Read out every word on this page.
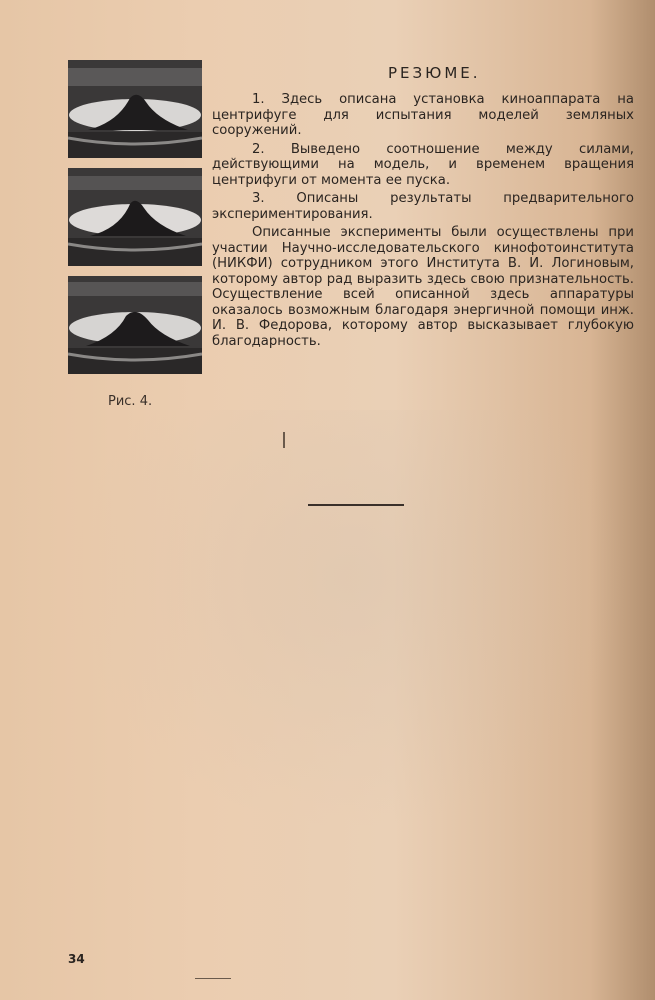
Рис. 4.
РЕЗЮМЕ.

1. Здесь описана установка киноаппарата на центрифуге для испытания моделей земляных сооружений.

2. Выведено соотношение между силами, действующими на модель, и временем вращения центрифуги от момента ее пуска.

3. Описаны результаты предварительного экспериментирования.

Описанные эксперименты были осуществлены при участии Научно-исследовательского кинофотоинститута (НИКФИ) сотрудником этого Института В. И. Логиновым, которому автор рад выразить здесь свою признательность. Осуществление всей описанной здесь аппаратуры оказалось возможным благодаря энергичной помощи инж. И. В. Федорова, которому автор высказывает глубокую благодарность.

34
